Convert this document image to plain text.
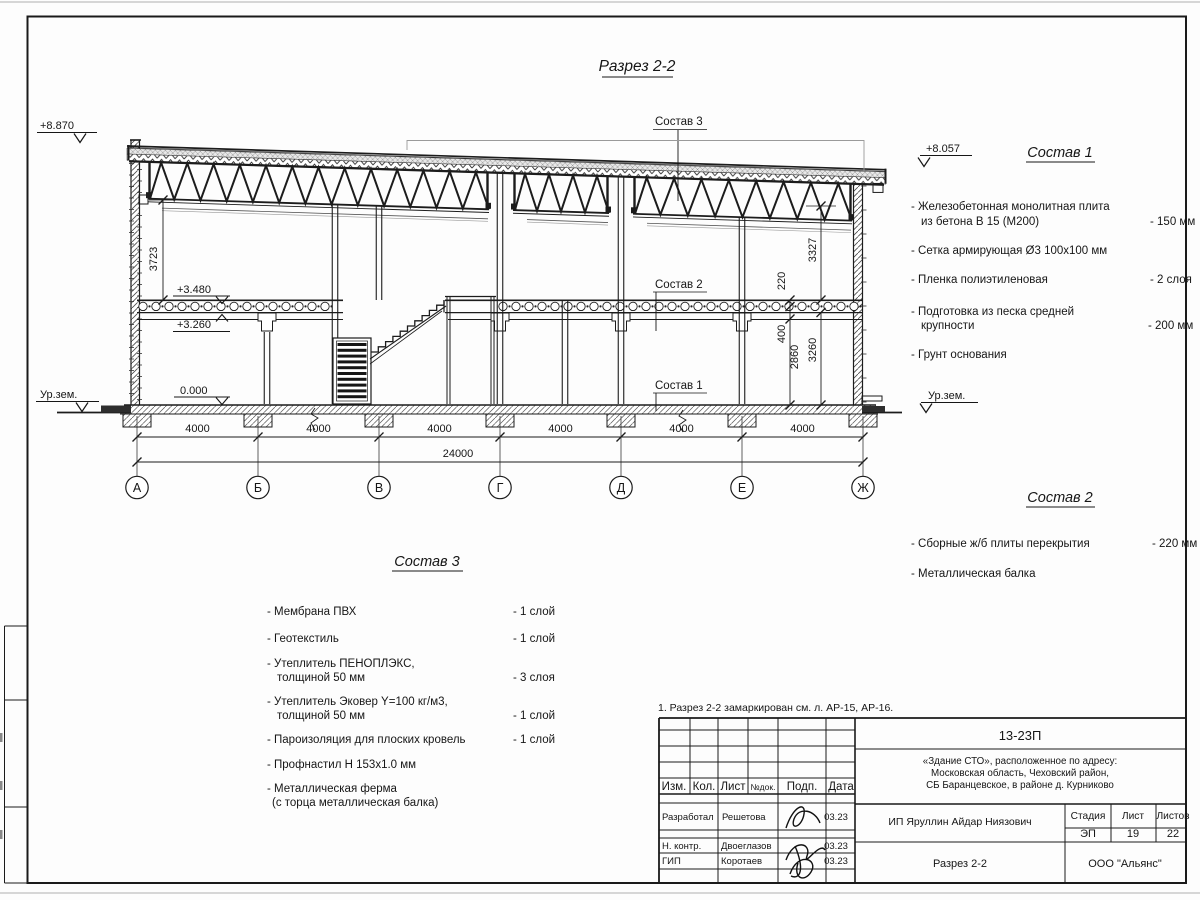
Разрез 2-2
4000	4000	4000	4000	4000	4000
А	Б	В	Г	Д	Е	Ж
Состав 3
Состав 2
Состав 1
+8.870
Ур.зем.
+3.480
+3.260
0.000
+8.057
Ур.зем.
3723	3327
220
400
2860 3260
24000
Состав 1
- Железобетонная монолитная плита
из бетона В 15 (М200)	- 150 мм
- Сетка армирующая Ø3 100х100 мм
- Пленка полиэтиленовая	- 2 слоя
- Подготовка из песка средней
крупности	- 200 мм
- Грунт основания
Состав 2
- Сборные ж/б плиты перекрытия	- 220 мм
- Металлическая балка
Состав 3
- Мембрана ПВХ	- 1 слой
- Геотекстиль	- 1 слой
- Утеплитель ПЕНОПЛЭКС,
толщиной 50 мм	- 3 слоя
- Утеплитель Эковер Y=100 кг/м3,
толщиной 50 мм	- 1 слой
- Пароизоляция для плоских кровель	- 1 слой
- Профнастил Н 153х1.0 мм
- Металлическая ферма
(с торца металлическая балка)
1. Разрез 2-2 замаркирован см. л. АР-15, АР-16.
Изм. Кол. Лист №док. Подп. Дата
Разработал Решетова	03.23
Н. контр. Двоеглазов	03.23
ГИП	Коротаев	03.23
13-23П
«Здание СТО», расположенное по адресу:
Московская область, Чеховский район,
СБ Баранцевское, в районе д. Курниково
ИП Яруллин Айдар Ниязович
Разрез 2-2	ООО "Альянс"
Стадия Лист Листов
ЭП	19	22
